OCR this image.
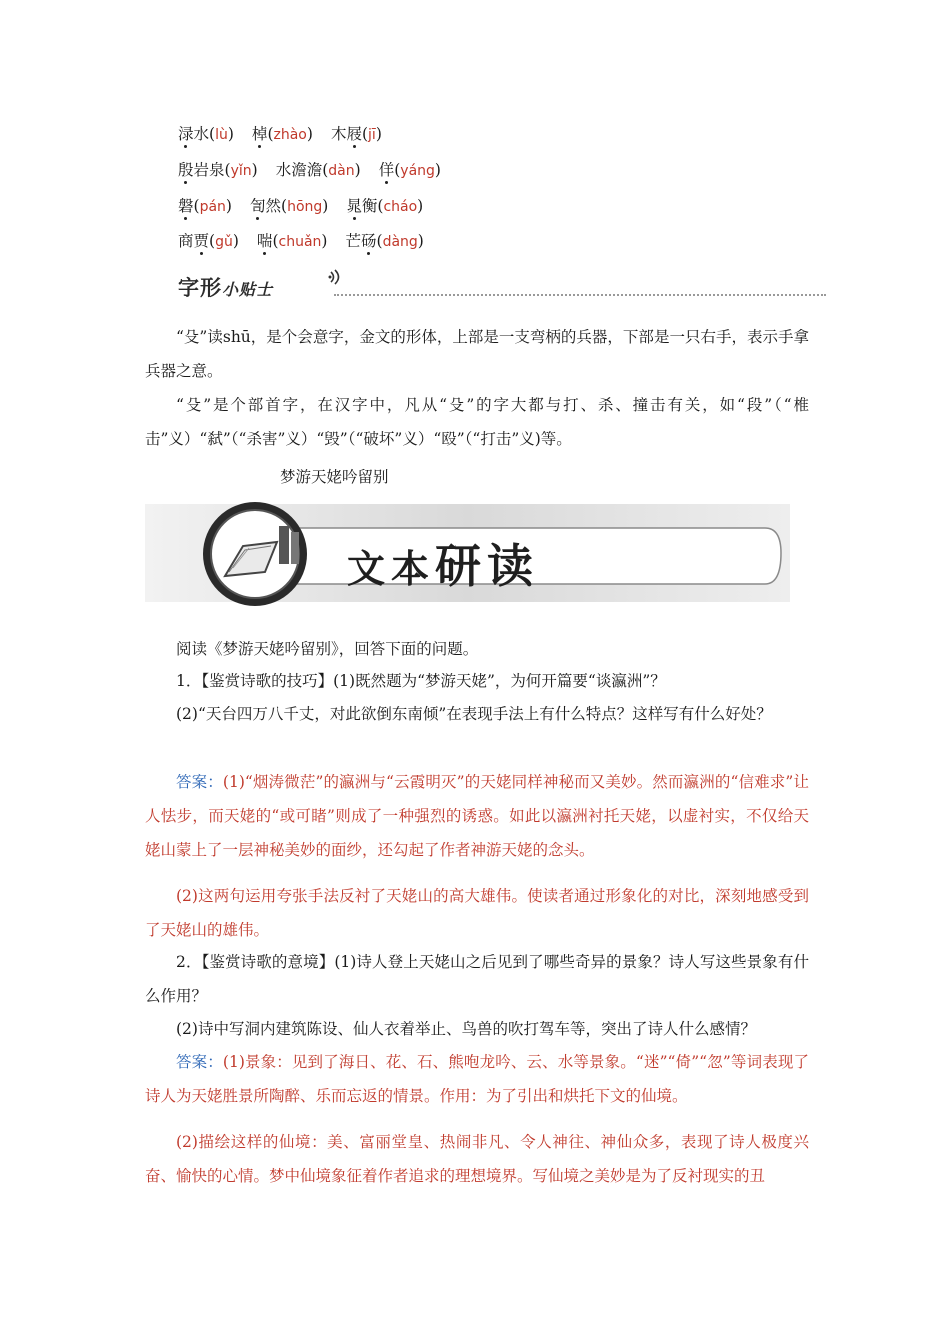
渌水(lù) 棹(zhào) 木屐(jī)
殷岩泉(yǐn) 水澹澹(dàn) 佯(yáng)
磐(pán) 訇然(hōng) 晁衡(cháo)
商贾(gǔ) 喘(chuǎn) 芒砀(dàng)
字形小贴士
“殳”读shū，是个会意字，金文的形体，上部是一支弯柄的兵器，下部是一只右手，表示手拿兵器之意。
“殳”是个部首字，在汉字中，凡从“殳”的字大都与打、杀、撞击有关，如“段”（“椎击”义）“弑”（“杀害”义）“毁”（“破坏”义）“殴”（“打击”义)等。
梦游天姥吟留别
文本研读
阅读《梦游天姥吟留别》，回答下面的问题。
1．【鉴赏诗歌的技巧】(1)既然题为“梦游天姥”，为何开篇要“谈瀛洲”？
(2)“天台四万八千丈，对此欲倒东南倾”在表现手法上有什么特点？这样写有什么好处？
答案：(1)“烟涛微茫”的瀛洲与“云霞明灭”的天姥同样神秘而又美妙。然而瀛洲的“信难求”让人怯步，而天姥的“或可睹”则成了一种强烈的诱惑。如此以瀛洲衬托天姥，以虚衬实，不仅给天姥山蒙上了一层神秘美妙的面纱，还勾起了作者神游天姥的念头。
(2)这两句运用夸张手法反衬了天姥山的高大雄伟。使读者通过形象化的对比，深刻地感受到了天姥山的雄伟。
2．【鉴赏诗歌的意境】(1)诗人登上天姥山之后见到了哪些奇异的景象？诗人写这些景象有什么作用？
(2)诗中写洞内建筑陈设、仙人衣着举止、鸟兽的吹打驾车等，突出了诗人什么感情？
答案：(1)景象：见到了海日、花、石、熊咆龙吟、云、水等景象。“迷”“倚”“忽”等词表现了诗人为天姥胜景所陶醉、乐而忘返的情景。作用：为了引出和烘托下文的仙境。
(2)描绘这样的仙境：美、富丽堂皇、热闹非凡、令人神往、神仙众多，表现了诗人极度兴奋、愉快的心情。梦中仙境象征着作者追求的理想境界。写仙境之美妙是为了反衬现实的丑
